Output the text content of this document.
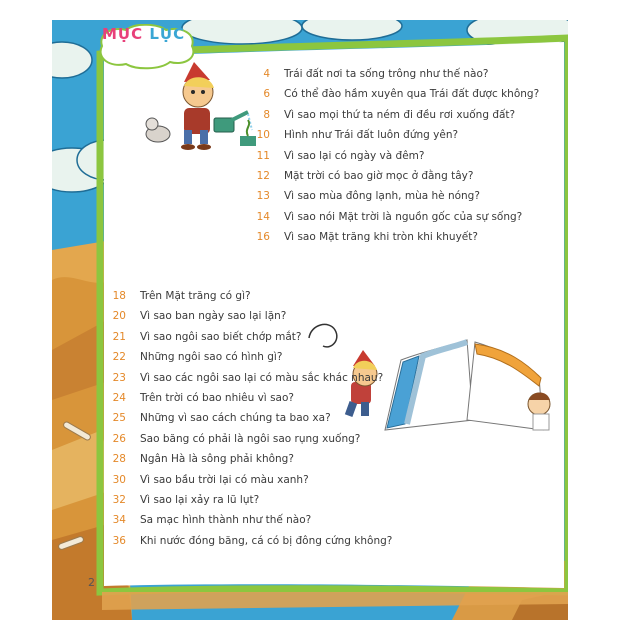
MỤC LỤC
4 Trái đất nơi ta sống trông như thế nào?
6 Có thể đào hầm xuyên qua Trái đất được không?
8 Vì sao mọi thứ ta ném đi đều rơi xuống đất?
10 Hình như Trái đất luôn đứng yên?
11 Vì sao lại có ngày và đêm?
12 Mặt trời có bao giờ mọc ở đằng tây?
13 Vì sao mùa đông lạnh, mùa hè nóng?
14 Vì sao nói Mặt trời là nguồn gốc của sự sống?
16 Vì sao Mặt trăng khi tròn khi khuyết?
18 Trên Mặt trăng có gì?
20 Vì sao ban ngày sao lại lặn?
21 Vì sao ngôi sao biết chớp mắt?
22 Những ngôi sao có hình gì?
23 Vì sao các ngôi sao lại có màu sắc khác nhau?
24 Trên trời có bao nhiêu vì sao?
25 Những vì sao cách chúng ta bao xa?
26 Sao băng có phải là ngôi sao rụng xuống?
28 Ngân Hà là sông phải không?
30 Vì sao bầu trời lại có màu xanh?
32 Vì sao lại xảy ra lũ lụt?
34 Sa mạc hình thành như thế nào?
36 Khi nước đóng băng, cá có bị đông cứng không?
2
